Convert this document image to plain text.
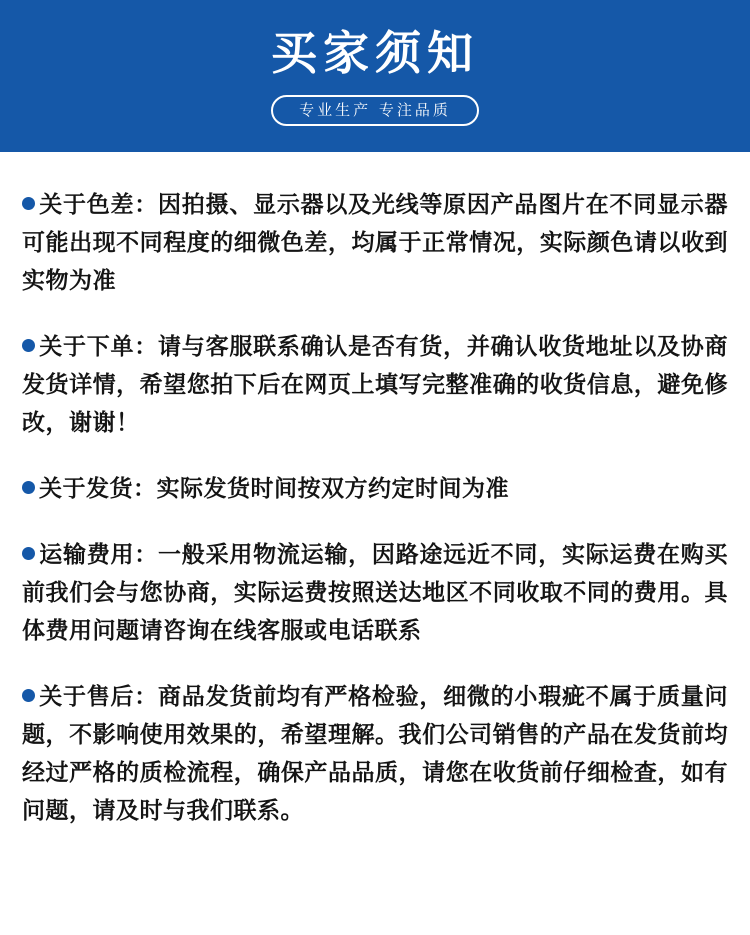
买家须知
专业生产 专注品质

关于色差：因拍摄、显示器以及光线等原因产品图片在不同显示器可能出现不同程度的细微色差，均属于正常情况，实际颜色请以收到实物为准

关于下单：请与客服联系确认是否有货，并确认收货地址以及协商发货详情，希望您拍下后在网页上填写完整准确的收货信息，避免修改，谢谢！

关于发货：实际发货时间按双方约定时间为准

运输费用：一般采用物流运输，因路途远近不同，实际运费在购买前我们会与您协商，实际运费按照送达地区不同收取不同的费用。具体费用问题请咨询在线客服或电话联系

关于售后：商品发货前均有严格检验，细微的小瑕疵不属于质量问题，不影响使用效果的，希望理解。我们公司销售的产品在发货前均经过严格的质检流程，确保产品品质，请您在收货前仔细检查，如有问题，请及时与我们联系。
